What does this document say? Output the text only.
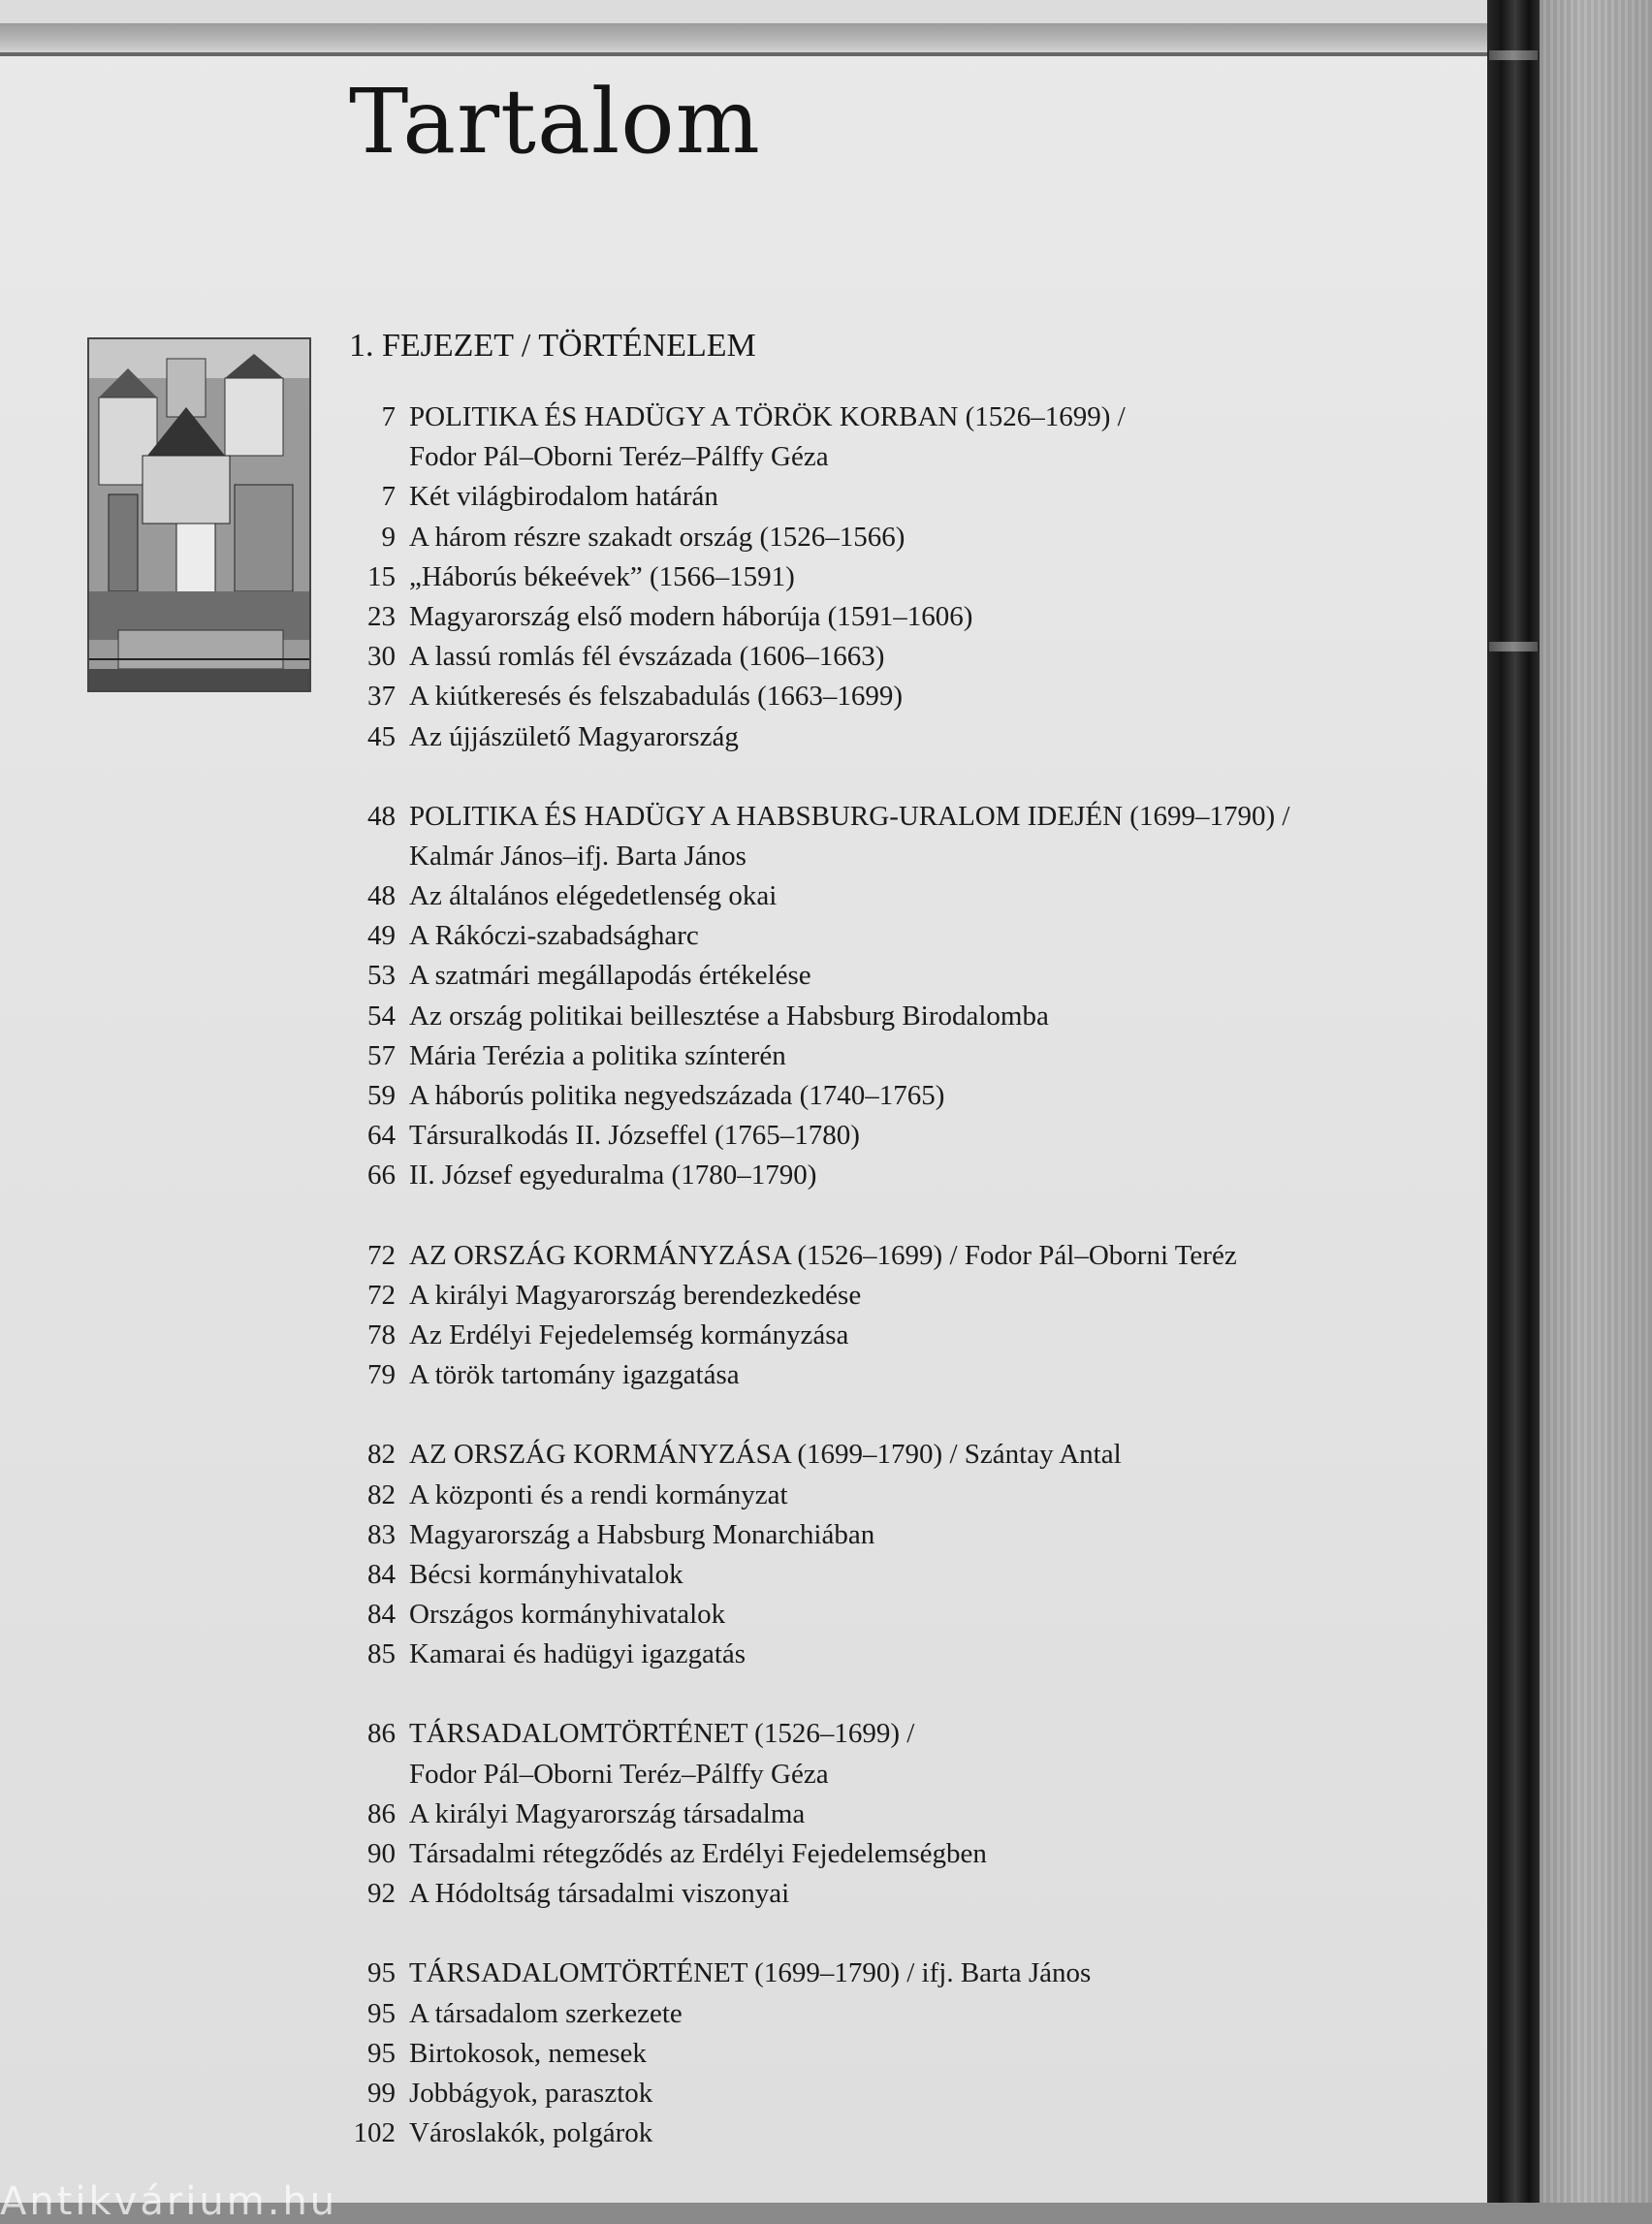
Tartalom
1. FEJEZET / TÖRTÉNELEM
7 POLITIKA ÉS HADÜGY A TÖRÖK KORBAN (1526–1699) /
Fodor Pál–Oborni Teréz–Pálffy Géza
7 Két világbirodalom határán
9 A három részre szakadt ország (1526–1566)
15 „Háborús békeévek” (1566–1591)
23 Magyarország első modern háborúja (1591–1606)
30 A lassú romlás fél évszázada (1606–1663)
37 A kiútkeresés és felszabadulás (1663–1699)
45 Az újjászülető Magyarország
48 POLITIKA ÉS HADÜGY A HABSBURG-URALOM IDEJÉN (1699–1790) /
Kalmár János–ifj. Barta János
48 Az általános elégedetlenség okai
49 A Rákóczi-szabadságharc
53 A szatmári megállapodás értékelése
54 Az ország politikai beillesztése a Habsburg Birodalomba
57 Mária Terézia a politika színterén
59 A háborús politika negyedszázada (1740–1765)
64 Társuralkodás II. Józseffel (1765–1780)
66 II. József egyeduralma (1780–1790)
72 AZ ORSZÁG KORMÁNYZÁSA (1526–1699) / Fodor Pál–Oborni Teréz
72 A királyi Magyarország berendezkedése
78 Az Erdélyi Fejedelemség kormányzása
79 A török tartomány igazgatása
82 AZ ORSZÁG KORMÁNYZÁSA (1699–1790) / Szántay Antal
82 A központi és a rendi kormányzat
83 Magyarország a Habsburg Monarchiában
84 Bécsi kormányhivatalok
84 Országos kormányhivatalok
85 Kamarai és hadügyi igazgatás
86 TÁRSADALOMTÖRTÉNET (1526–1699) /
Fodor Pál–Oborni Teréz–Pálffy Géza
86 A királyi Magyarország társadalma
90 Társadalmi rétegződés az Erdélyi Fejedelemségben
92 A Hódoltság társadalmi viszonyai
95 TÁRSADALOMTÖRTÉNET (1699–1790) / ifj. Barta János
95 A társadalom szerkezete
95 Birtokosok, nemesek
99 Jobbágyok, parasztok
102 Városlakók, polgárok
Antikvárium.hu
